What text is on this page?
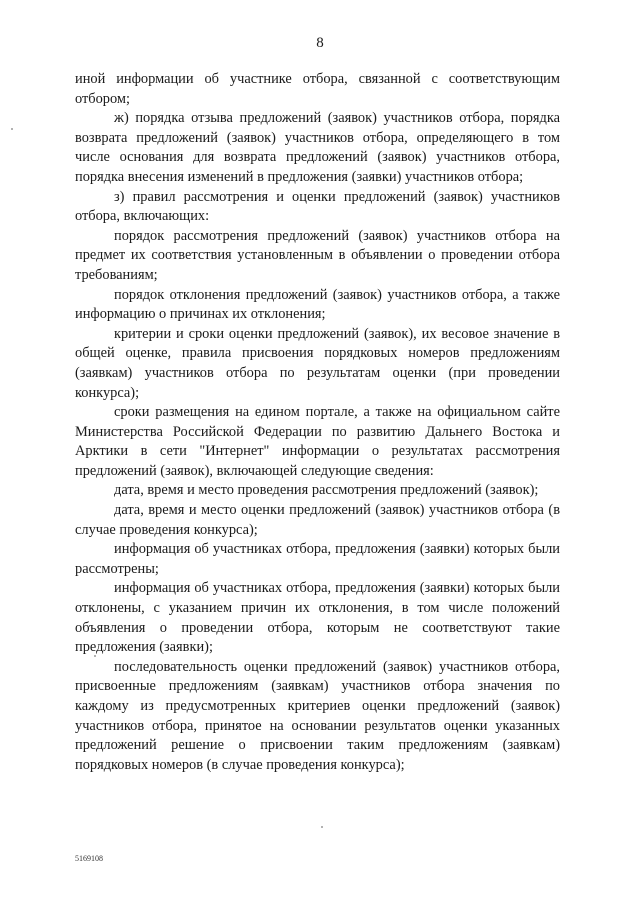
8

иной информации об участнике отбора, связанной с соответствующим отбором;

ж) порядка отзыва предложений (заявок) участников отбора, порядка возврата предложений (заявок) участников отбора, определяющего в том числе основания для возврата предложений (заявок) участников отбора, порядка внесения изменений в предложения (заявки) участников отбора;

з) правил рассмотрения и оценки предложений (заявок) участников отбора, включающих:

порядок рассмотрения предложений (заявок) участников отбора на предмет их соответствия установленным в объявлении о проведении отбора требованиям;

порядок отклонения предложений (заявок) участников отбора, а также информацию о причинах их отклонения;

критерии и сроки оценки предложений (заявок), их весовое значение в общей оценке, правила присвоения порядковых номеров предложениям (заявкам) участников отбора по результатам оценки (при проведении конкурса);

сроки размещения на едином портале, а также на официальном сайте Министерства Российской Федерации по развитию Дальнего Востока и Арктики в сети "Интернет" информации о результатах рассмотрения предложений (заявок), включающей следующие сведения:

дата, время и место проведения рассмотрения предложений (заявок);

дата, время и место оценки предложений (заявок) участников отбора (в случае проведения конкурса);

информация об участниках отбора, предложения (заявки) которых были рассмотрены;

информация об участниках отбора, предложения (заявки) которых были отклонены, с указанием причин их отклонения, в том числе положений объявления о проведении отбора, которым не соответствуют такие предложения (заявки);

последовательность оценки предложений (заявок) участников отбора, присвоенные предложениям (заявкам) участников отбора значения по каждому из предусмотренных критериев оценки предложений (заявок) участников отбора, принятое на основании результатов оценки указанных предложений решение о присвоении таким предложениям (заявкам) порядковых номеров (в случае проведения конкурса);

5169108
